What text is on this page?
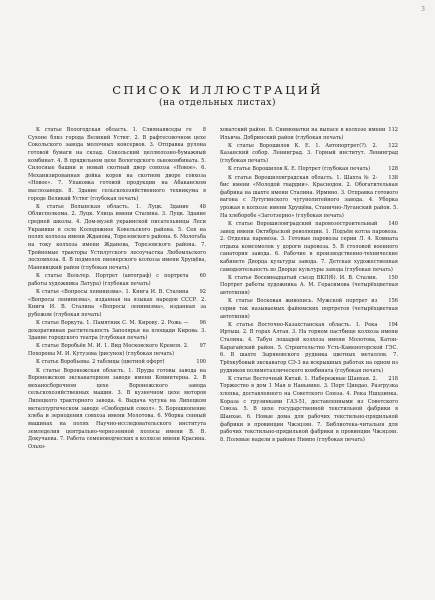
3
СПИСОК ИЛЛЮСТРАЦИЙ
(на отдельных листах)
8
К статье Вологодская область. 1. Слиянаявседы ге Сухоне близ города Великий Устюг. 2. В рафтесовочном цехе Сокольского завода молочных консервов. 3. Отправка рулона готовой бумаги на склад. Сокольский целлюлозно-бумажный комбинат. 4. В прядильном цехе Вологодского льнокомбината. 5. Силосные башни и новый скотный двор совхоза «Новое». 6. Механизированная дойка коров на скотном дворе совхоза «Новое». 7. Упаковка готовой продукции на Абаканском маслозаводе. 8. Здание сельскохозяйственного техникума в городе Великий Устюг (глубокая печать)
48
К статье Волынская область. 1. Луцк. Здание Облисполкома. 2. Луцк. Улица имени Сталина. 3. Луцк. Здание средней школы. 4. Дом-музей украинской писательницы Леси Украинки в селе Колодяжное Ковельского района. 5. Сев на полях колхоза имени Жданова, Торезовского района. 6. Молотьба на току колхоза имени Жданова, Торезовского района. 7. Тройномые тракторы Устилугского лесоучастка Любомльского лесхомхоза. 8. В подмолох пионерского колхоза имени Хрущёва, Маневицкий район (глубокая печать)
60
К статье Вольтер. Портрет (автограф) с портрета работы художника Латура) (глубокая печать)
92
К статье «Вопросы ленинизма». 1. Книга И. В. Сталина «Вопросы ленинизма», изданная на языках народов СССР. 2. Книги И. В. Сталина «Вопросы ленинизма», изданная за рубежом (глубокая печать)
96
К статье Воркута. 1. Памятник С. М. Кирову. 2. Рожь — декоративная растительность Заполярья на площади Кирова. 3. Здание городского театра (глубокая печать)
97
К статье Воробьёв М. И. 1. Вид Московского Кремля. 2. Похороны М. И. Кутузова (рисунок) (глубокая печать)
100
К статье Воробьевы. 2 таблицы (цветной офорт)
К статье Воронежская область. 1. Пруды готовы завода на Воронежском экскаваторном заводе имени Коминтерна. 2. В механосборочном цехе Воронежского завода сельскохозяйственных машин. 3. В кузнечном цехе моторов Липецкого тракторного завода. 4. Выдача чугуна на Липецком металлургическом заводе «Свободный сокол». 5. Борошнопение хлеба и зернодения совхоза имени Молотова. 6. Уборка сенный машинах на полях Научно-исследовательского института земледелия центрально-черноземной полосы имени В. В. Докучаева. 7. Работа семеноводческих в колхозе имени Красина. Ольхо-
112
ховатский район. 8. Снимоматки на выпасе в колхозе имени Ильича. Добринский район (глубокая печать)
122
К статье Ворошилов К. Е. 1. Автопортрет(?). 2. Казанский собор. Ленинград. 3. Горный институт. Ленинград (глубокая печать)
128
К статье Ворошилов К. Е. Портрет (глубокая печать)
138
К статье Ворошиловградская область. 1. Шахта № 2-бис имени «Молодой гвардии». Краснодон. 2. Обогатительная фабрика на шахте имени Сталина. Ирмино. 3. Отправка готового вагона с Лутугинского чугунолитейного завода. 4. Уборка урожая в колхозе имени Хрущёва, Станично-Луганский район. 5. На хлеборобе «Заготзерно» (глубокая печать)
140
К статье Ворошиловградский паровозостроительный завод имени Октябрьской революции. 1. Подъём котла паровоза. 2. Отделка паровоза. 3. Готовые паровозы серии Л. 4. Комната отдыха комсомолок у дороги паровоза. 5. В столовой военного санатория завода. 6. Рабочие в производственно-технические кабинете Дворца культуры завода. 7. Детская художественная самодеятельность во Дворце культуры завода (глубокая печать)
150
К статье Восемнадцатый съезд ВКП(б). И. В. Сталин. Портрет работы художника А. М. Герасимова (четырёхцветная автотипия)
156
К статье Восковая живопись. Мужской портрет из серии так называемых файюмских портретов (четырёхцветная автотипия)
194
К статье Восточно-Казахстанская область. 1. Река Иртыш. 2. В горах Алтая. 3. На горном пастбище колхоза имени Сталина. 4. Табун лошадей колхоза имени Молотова, Катон-Карагайский район. 5. Строительство Усть-Каменогорской ГЭС. 6. В шахте Зыряновского рудника цветных металлов. 7. Трёхкубовый экскаватор СЭ-3 на вскрышных работах на одном из рудников полиметаллического комбината (глубокая печать)
218
К статье Восточный Китай. 1. Набережные Шанхая. 2. Торжество в дом 1 Мая в Наньнине. 3. Порт Циндао. Разгрузка хлопка, доставленного на Советского Союза. 4. Река Ншцзинка. Кораза с грузинками ГАЗ-51, доставленными из Советского Союза. 5. В цехе государственной текстильной фабрики в Шанхае. 6. Новые дома для рабочих текстильно-прядильной фабрики в провинции Чжэцзян. 7. Библиотека-читальня для рабочих текстильно-прядильной фабрики в провинции Чжэцзян. 8. Полевые надели в районе Нимпо (глубокая печать)
